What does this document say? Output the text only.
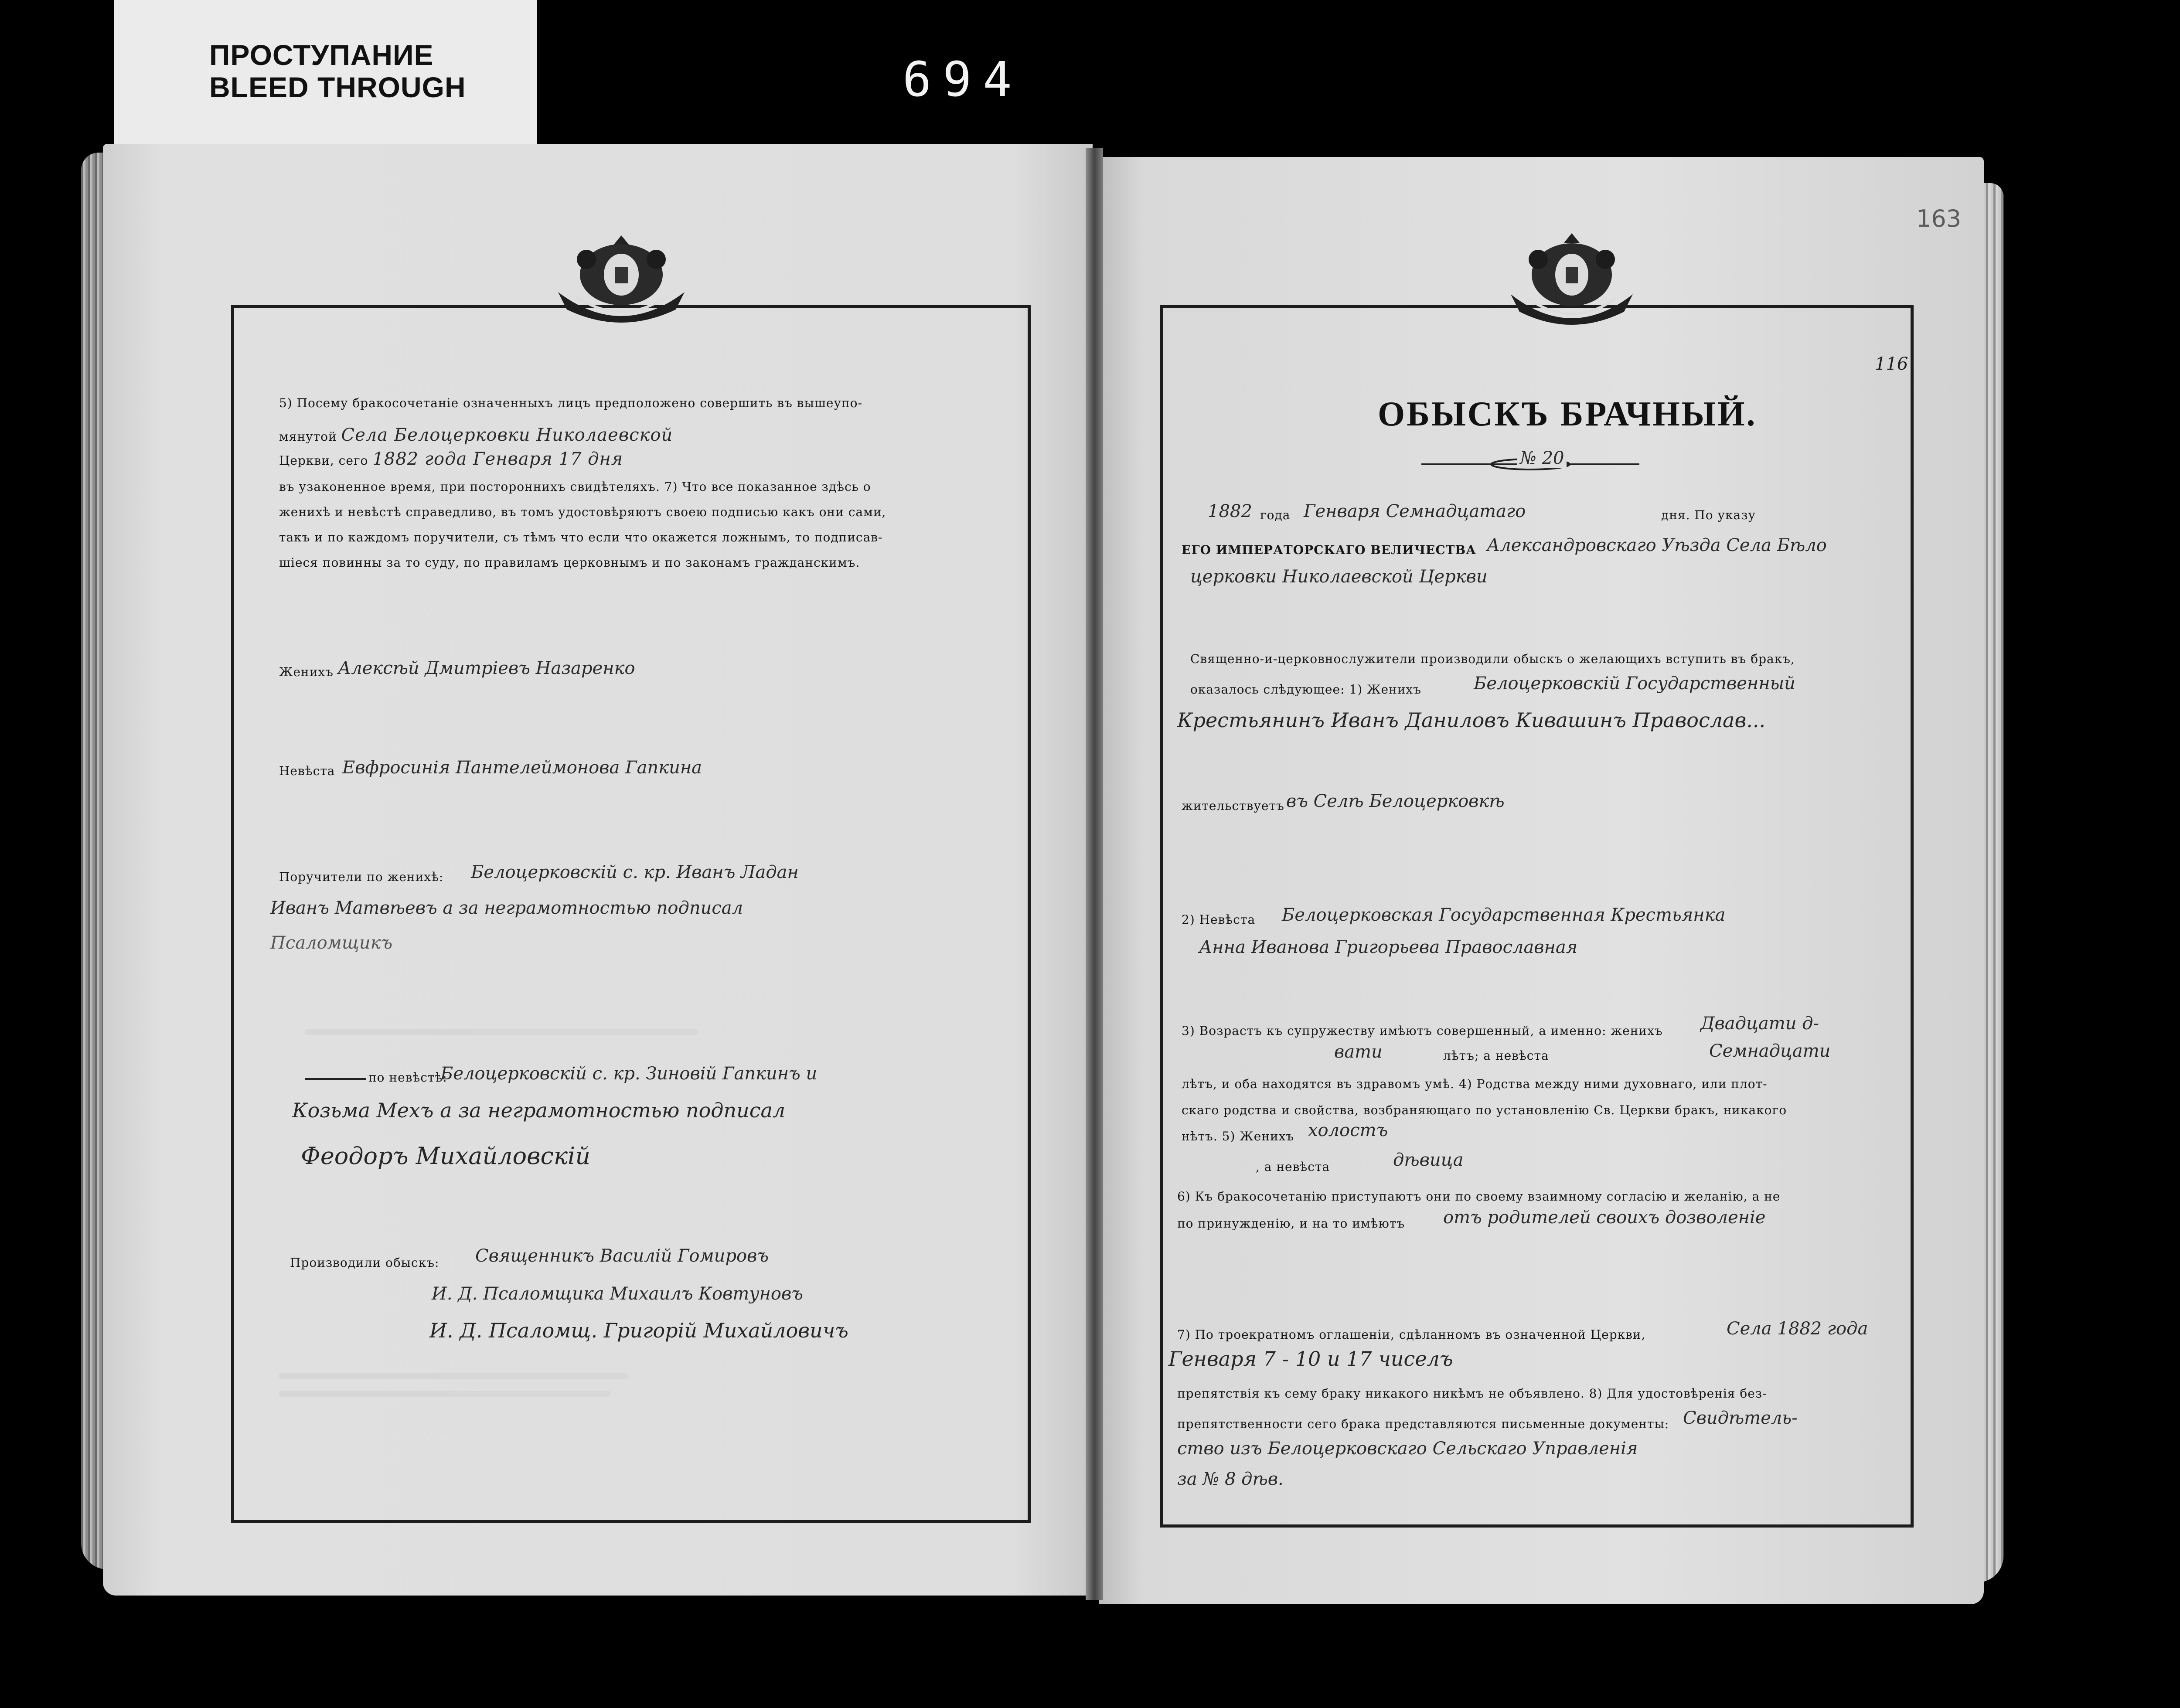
ПРОСТУПАНИЕ
BLEED THROUGH	694
163
116
5) Посему бракосочетанiе означенныхъ лицъ предположено совершить въ вышеупо-
мянутой Села Белоцерковки Николаевской
Церкви, сего 1882 года Генваря 17 дня
въ узаконенное время, при постороннихъ свидѣтеляхъ. 7) Что все показанное здѣсь о
женихѣ и невѣстѣ справедливо, въ томъ удостовѣряютъ своею подписью какъ они сами,
такъ и по каждомъ поручители, съ тѣмъ что если что окажется ложнымъ, то подписав-
шiеся повинны за то суду, по правиламъ церковнымъ и по законамъ гражданскимъ.
Женихъ Алексѣй Дмитрiевъ Назаренко
Невѣста Евфросинiя Пантелеймонова Гапкина
Поручители по женихѣ: Белоцерковскiй с. кр. Иванъ Ладан
Иванъ Матвѣевъ а за неграмотностью подписал
Псаломщикъ
по невѣстѣ:
Белоцерковскiй с. кр. Зиновiй Гапкинъ и
Козьма Мехъ а за неграмотностью подписал
Феодоръ Михайловскiй
Производили обыскъ: Священникъ Василiй Гомировъ
И. Д. Псаломщика Михаилъ Ковтуновъ
И. Д. Псаломщ. Григорiй Михайловичъ
ОБЫСКЪ БРАЧНЫЙ.
№ 20
1882 года Генваря Семнадцатаго	дня. По указу
ЕГО ИМПЕРАТОРСКАГО ВЕЛИЧЕСТВА Александровскаго Уѣзда Села Бѣло
церковки Николаевской Церкви
Священно-и-церковнослужители производили обыскъ о желающихъ вступить въ бракъ,
оказалось слѣдующее: 1) Женихъ	Белоцерковскiй Государственный
Крестьянинъ Иванъ Даниловъ Кивашинъ Православ...
жительствуетъ въ Селѣ Белоцерковкѣ
2) Невѣста Белоцерковская Государственная Крестьянка
Анна Иванова Григорьева Православная
3) Возрастъ къ супружеству имѣютъ совершенный, а именно: женихъ Двадцати д-
вати	лѣтъ; а невѣста	Семнадцати
лѣтъ, и оба находятся въ здравомъ умѣ. 4) Родства между ними духовнаго, или плот-
скаго родства и свойства, возбраняющаго по установленiю Св. Церкви бракъ, никакого
нѣтъ. 5) Женихъ холостъ
, а невѣста	дѣвица
6) Къ бракосочетанiю приступаютъ они по своему взаимному согласiю и желанiю, а не
по принужденiю, и на то имѣютъ отъ родителей своихъ дозволенiе
7) По троекратномъ оглашенiи, сдѣланномъ въ означенной Церкви,	Села 1882 года
Генваря 7 - 10 и 17 чиселъ
препятствiя къ сему браку никакого никѣмъ не объявлено. 8) Для удостовѣренiя без-
препятственности сего брака представляются письменные документы: Свидѣтель-
ство изъ Белоцерковскаго Сельскаго Управленiя
за № 8 дѣв.
